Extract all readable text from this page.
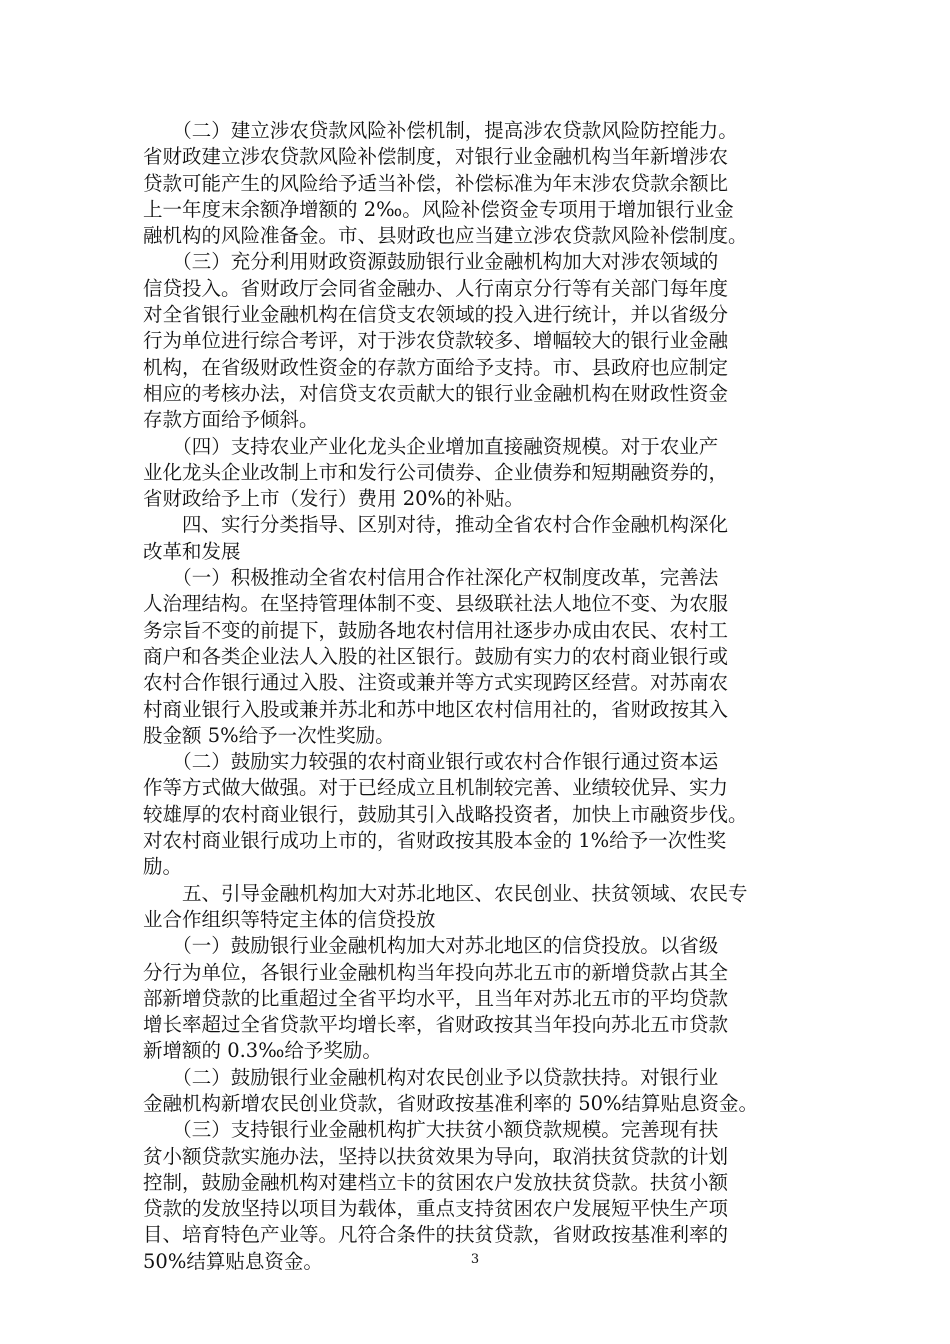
　　（二）建立涉农贷款风险补偿机制，提高涉农贷款风险防控能力。
省财政建立涉农贷款风险补偿制度，对银行业金融机构当年新增涉农
贷款可能产生的风险给予适当补偿，补偿标准为年末涉农贷款余额比
上一年度末余额净增额的 2‰。风险补偿资金专项用于增加银行业金
融机构的风险准备金。市、县财政也应当建立涉农贷款风险补偿制度。
　　（三）充分利用财政资源鼓励银行业金融机构加大对涉农领域的
信贷投入。省财政厅会同省金融办、人行南京分行等有关部门每年度
对全省银行业金融机构在信贷支农领域的投入进行统计，并以省级分
行为单位进行综合考评，对于涉农贷款较多、增幅较大的银行业金融
机构，在省级财政性资金的存款方面给予支持。市、县政府也应制定
相应的考核办法，对信贷支农贡献大的银行业金融机构在财政性资金
存款方面给予倾斜。
　　（四）支持农业产业化龙头企业增加直接融资规模。对于农业产
业化龙头企业改制上市和发行公司债券、企业债券和短期融资券的，
省财政给予上市（发行）费用 20%的补贴。
　　四、实行分类指导、区别对待，推动全省农村合作金融机构深化
改革和发展
　　（一）积极推动全省农村信用合作社深化产权制度改革，完善法
人治理结构。在坚持管理体制不变、县级联社法人地位不变、为农服
务宗旨不变的前提下，鼓励各地农村信用社逐步办成由农民、农村工
商户和各类企业法人入股的社区银行。鼓励有实力的农村商业银行或
农村合作银行通过入股、注资或兼并等方式实现跨区经营。对苏南农
村商业银行入股或兼并苏北和苏中地区农村信用社的，省财政按其入
股金额 5%给予一次性奖励。
　　（二）鼓励实力较强的农村商业银行或农村合作银行通过资本运
作等方式做大做强。对于已经成立且机制较完善、业绩较优异、实力
较雄厚的农村商业银行，鼓励其引入战略投资者，加快上市融资步伐。
对农村商业银行成功上市的，省财政按其股本金的 1%给予一次性奖
励。
　　五、引导金融机构加大对苏北地区、农民创业、扶贫领域、农民专
业合作组织等特定主体的信贷投放
　　（一）鼓励银行业金融机构加大对苏北地区的信贷投放。以省级
分行为单位，各银行业金融机构当年投向苏北五市的新增贷款占其全
部新增贷款的比重超过全省平均水平，且当年对苏北五市的平均贷款
增长率超过全省贷款平均增长率，省财政按其当年投向苏北五市贷款
新增额的 0.3‰给予奖励。
　　（二）鼓励银行业金融机构对农民创业予以贷款扶持。对银行业
金融机构新增农民创业贷款，省财政按基准利率的 50%结算贴息资金。
　　（三）支持银行业金融机构扩大扶贫小额贷款规模。完善现有扶
贫小额贷款实施办法，坚持以扶贫效果为导向，取消扶贫贷款的计划
控制，鼓励金融机构对建档立卡的贫困农户发放扶贫贷款。扶贫小额
贷款的发放坚持以项目为载体，重点支持贫困农户发展短平快生产项
目、培育特色产业等。凡符合条件的扶贫贷款，省财政按基准利率的
50%结算贴息资金。	3
